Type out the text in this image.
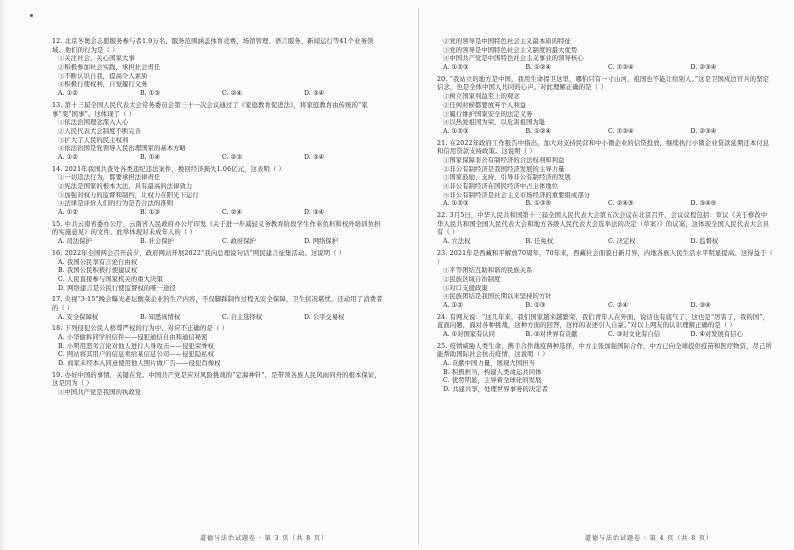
12. 北京冬奥会志愿服务参与者1.9万名，服务范围涵盖体育竞赛、场馆管理、语言服务、新闻运行等41个业务领域。他们的行为是（ ）
①关注社会，关心国家大事
②积极参加社会实践，承担社会责任
③不断认识自我，提高个人素质
④积极行使权利，自觉履行义务
A. ①②	B. ①③	C. ②④	D. ③④
13. 第十三届全国人民代表大会常务委员会第三十一次会议通过了《家庭教育促进法》，将家庭教育由传统的“家事”变“国事”。这体现了（ ）
①依法治国理念深入人心
②人民代表大会制度不断完善
③扩大了人民的民主权利
④依法治国是党领导人民治理国家的基本方略
A. ①②	B. ①④	C. ②③	D. ③④
14. 2021年我国共查处各类违纪违法案件，挽回经济损失1.06亿元，这表明（ ）
①一切违法行为，都要承担法律责任
②宪法是国家的根本大法，具有最高的法律效力
③加强对权力的监督和制约，让权力在阳光下运行
④法律是评价人们的行为是否合法的准则
A. ①②	B. ①③	C. ②④	D. ③④
15. 中共云南省委办公厅、云南省人民政府办公厅印发《关于进一步减轻义务教育阶段学生作业负担和校外培训负担的实施意见》的文件。此举体现对未成年人的（ ）
A. 司法保护	B. 社会保护	C. 政府保护	D. 网络保护
16. 2022年全国两会召开前夕，政府网站开展2022“我向总理说句话”网民建言征集活动。这说明（ ）
A. 我国公民享有言论自由权
B. 我国公民积极行使建议权
C. 人民直接参与国家机关的重大决策
D. 网络建言是公民行使监督权的唯一途径
17. 央视“3·15”晚会曝光老坛酸菜企业的生产内容，不仅脚踩制作过程无安全保障，卫生状况堪忧，还动用了消费者的（ ）
A. 安全保障权	B. 知悉真情权	C. 自主选择权	D. 公平交易权
18. 下列侵犯公民人格尊严权的行为中，对应不正确的是（ ）
A. 小华偷拆同学的信件——侵犯通信自由和通信秘密
B. 小明用恶劣言论对他人进行人身攻击——侵犯荣誉权
C. 网站将其用户的信息卖给某信息公司——侵犯隐私权
D. 商家未经本人同意使用他人照片做广告——侵犯肖像权
19. 办好中国的事情，关键在党。中国共产党是应对风险挑战的“定海神针”，是带领各族人民风雨同舟的根本保证，这是因为（ ）
①中国共产党是我国的执政党
②党的领导是中国特色社会主义最本质的特征
③党的领导是中国特色社会主义制度的最大优势
④中国共产党是中国特色社会主义事业的领导核心
A. ①②③	B. ①②④	C. ①③④	D. ②③④
20. “我站立的地方是中国，我用生命捍卫这里，哪怕只有一寸山河，祖国也不能让给别人。”这是卫国戍边官兵的坚定信念，也是全体中国人共同的心声。对此理解正确的是（ ）
①树立国家利益至上的观念
②任何时候都要放弃个人利益
③履行维护国家安全的法定义务
④以热爱祖国为荣，以危害祖国为耻
A. ①②③	B. ①②④	C. ①③④	D. ②③④
21. 在2022年政府工作报告中指出，加大对支持民营和中小微企业的信贷投放，继续执行小微企业贷款延期还本付息和信用贷款支持政策。这说明（ ）
①国家保障非公有制经济的合法权利和利益
②非公有制经济是我国经济发展的主导力量
③国家鼓励、支持、引导非公有制经济的发展
④非公有制经济在国民经济中占主体地位
⑤非公有制经济是社会主义市场经济的重要组成部分
A. ①②③	B. ①③⑤	C. ②④⑤	D. ③④⑤
22. 3月5日，中华人民共和国第十三届全国人民代表大会第五次会议在北京召开，会议议程包括：审议《关于修改中华人民共和国全国人民代表大会和地方各级人民代表大会选举法的决定（草案）》的议案，这体现全国人民代表大会具有（ ）
A. 立法权	B. 任免权	C. 决定权	D. 监督权
23. 2021年是西藏和平解放70周年，70年来，西藏社会面貌日新月异，内地各族人民生活水平明显提高。这得益于（ ）
①平等团结互助和谐的民族关系
②民族区域自治制度
③对口支援政策
④民族团结是我国长期以来坚持的方针
A. ①②	B. ①③	C. ②④	D. ③④
24. 有网友说：“这几年来，我们国家越来越繁荣，我们青年人在外面，说话也有底气了，这也是“厉害了，我的国”，直面问题，面对各种挑战，这种方面的回答，这样的表述引人自豪。”对以上网友的认识理解正确的是（ ）
A. ①对国家有认同	B. ②对世界有贡献	C. ③对文化有自信	D. ④对发展有信心
25. 疫情威胁人类生命，携手合作战疫两种选择，中方主张加强国际合作，中方已向全球提供疫苗和医疗物资，尽己所能帮助国际社会抗击疫情，这说明（ ）
A. 贡献中国力量，展现大国担当
B. 积极担当，构建人类命运共同体
C. 优势明显，主导着全球化的发展
D. 共建共享，处理世界事务的决定者
道德与法治试题卷 · 第 3 页（共 8 页）	道德与法治试题卷 · 第 4 页（共 8 页）
